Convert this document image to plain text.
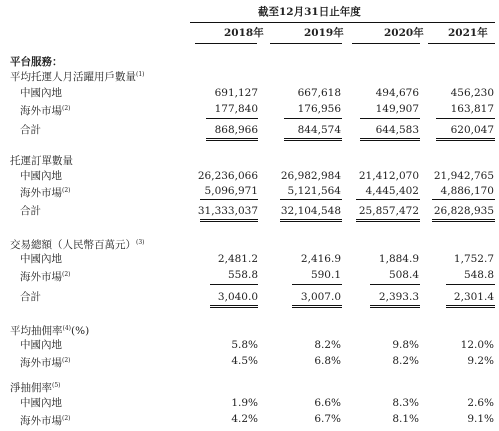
截至12月31日止年度
2018年	2019年	2020年 2021年
平台服務：
平均托運人月活躍用戶數量$^{(1)}$
中國內地	691,127	667,618	494,676	456,230
海外市場$^{(2)}$	177,840	176,956	149,907	163,817
合計	868,966	844,574	644,583	620,047
托運訂單數量
中國內地	26,236,066	26,982,984	21,412,070	21,942,765
海外市場$^{(2)}$	5,096,971	5,121,564	4,445,402	4,886,170
合計	31,333,037	32,104,548	25,857,472	26,828,935
交易總額（人民幣百萬元）$^{(3)}$
中國內地	2,481.2	2,416.9	1,884.9	1,752.7
海外市場$^{(2)}$	558.8	590.1	508.4	548.8
合計	3,040.0	3,007.0	2,393.3	2,301.4
平均抽佣率$^{(4)}$(%)
中國內地	5.8%	8.2%	9.8%	12.0%
海外市場$^{(2)}$	4.5%	6.8%	8.2%	9.2%
淨抽佣率$^{(5)}$
中國內地	1.9%	6.6%	8.3%	2.6%
海外市場$^{(2)}$	4.2%	6.7%	8.1%	9.1%
